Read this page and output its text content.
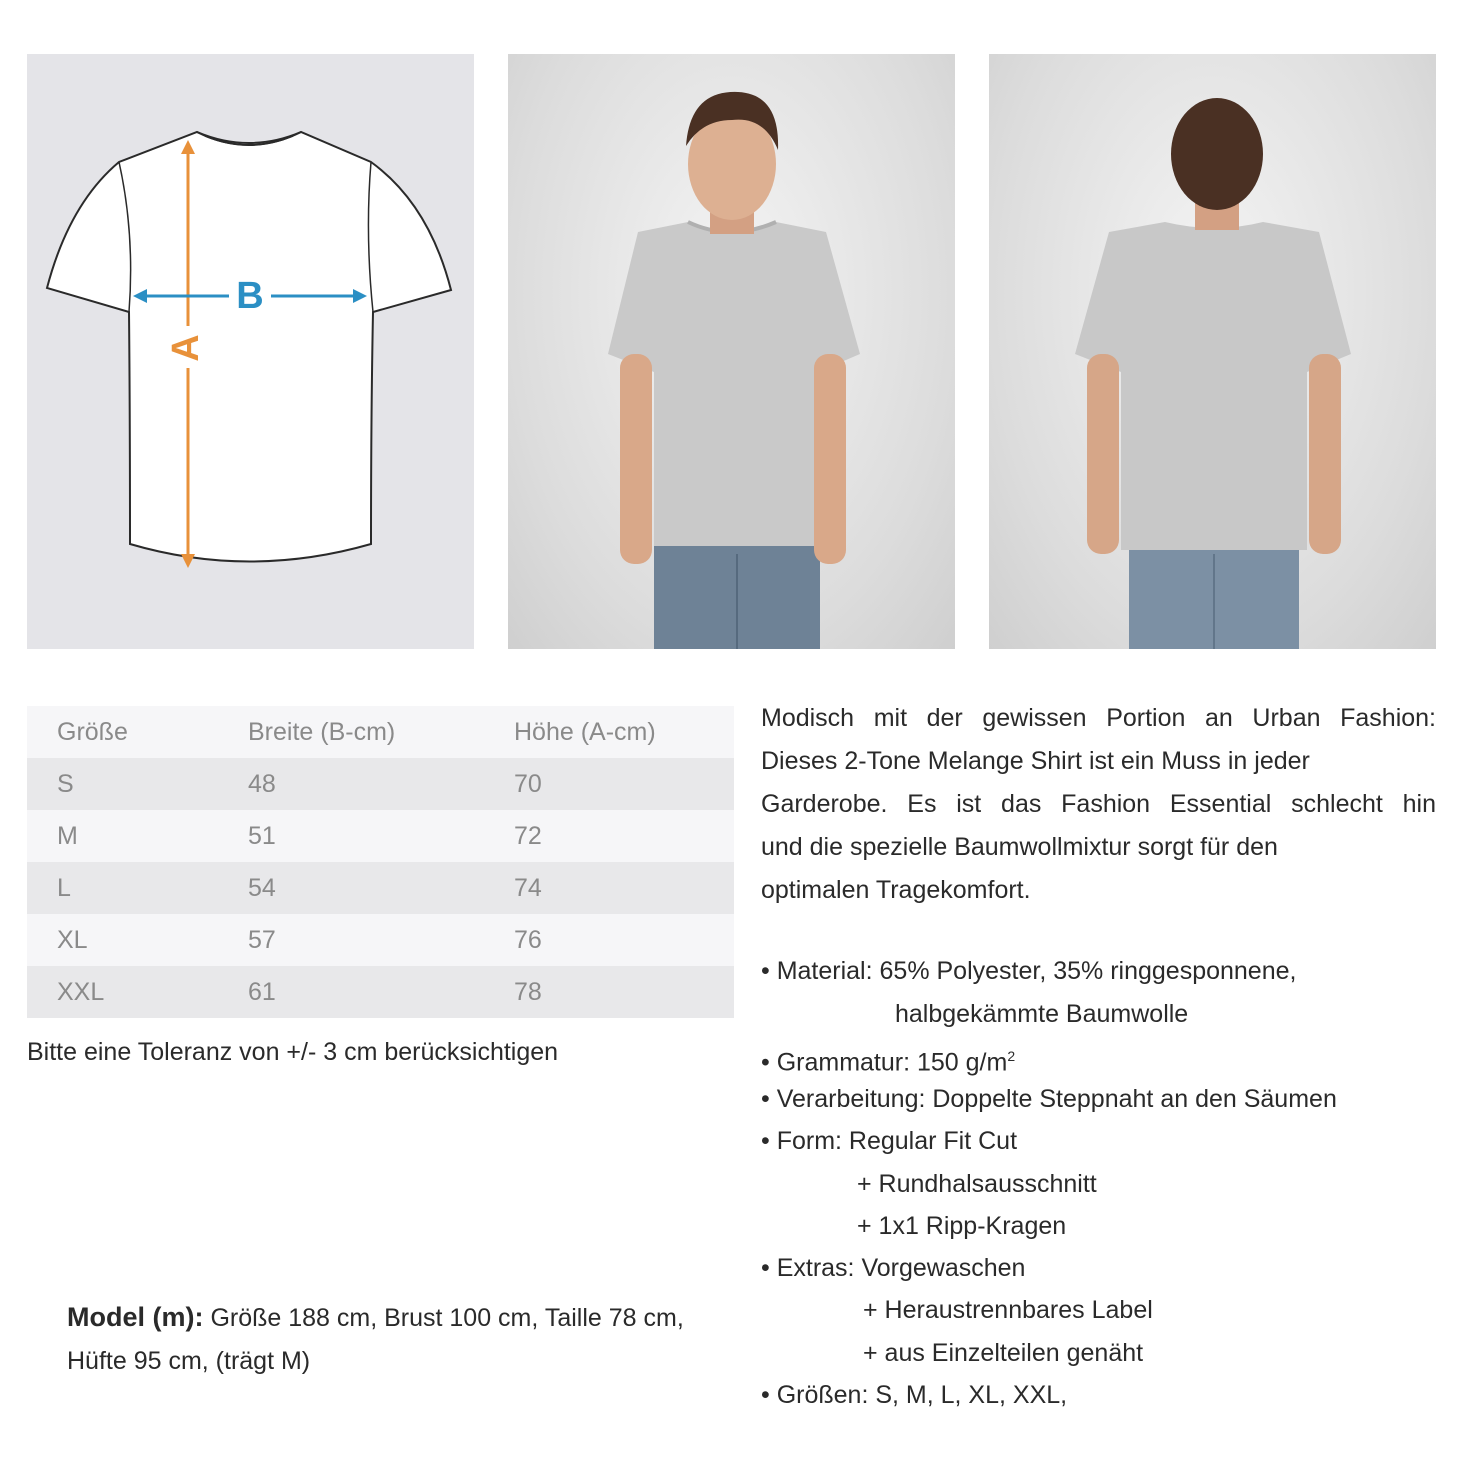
A
B
Größe	Breite (B-cm)	Höhe (A-cm)
S	48	70
M	51	72
L	54	74
XL	57	76
XXL	61	78
Bitte eine Toleranz von +/- 3 cm berücksichtigen
Model (m): Größe 188 cm, Brust 100 cm, Taille 78 cm,
Hüfte 95 cm, (trägt M)
Modisch mit der gewissen Portion an Urban Fashion:
Dieses 2-Tone Melange Shirt ist ein Muss in jeder
Garderobe. Es ist das Fashion Essential schlecht hin
und die spezielle Baumwollmixtur sorgt für den
optimalen Tragekomfort.
• Material: 65% Polyester, 35% ringgesponnene,
halbgekämmte Baumwolle
• Grammatur: 150 $g/m^2$
• Verarbeitung: Doppelte Steppnaht an den Säumen
• Form: Regular Fit Cut
+ Rundhalsausschnitt
+ 1x1 Ripp-Kragen
• Extras: Vorgewaschen
+ Heraustrennbares Label
+ aus Einzelteilen genäht
• Größen: S, M, L, XL, XXL,
